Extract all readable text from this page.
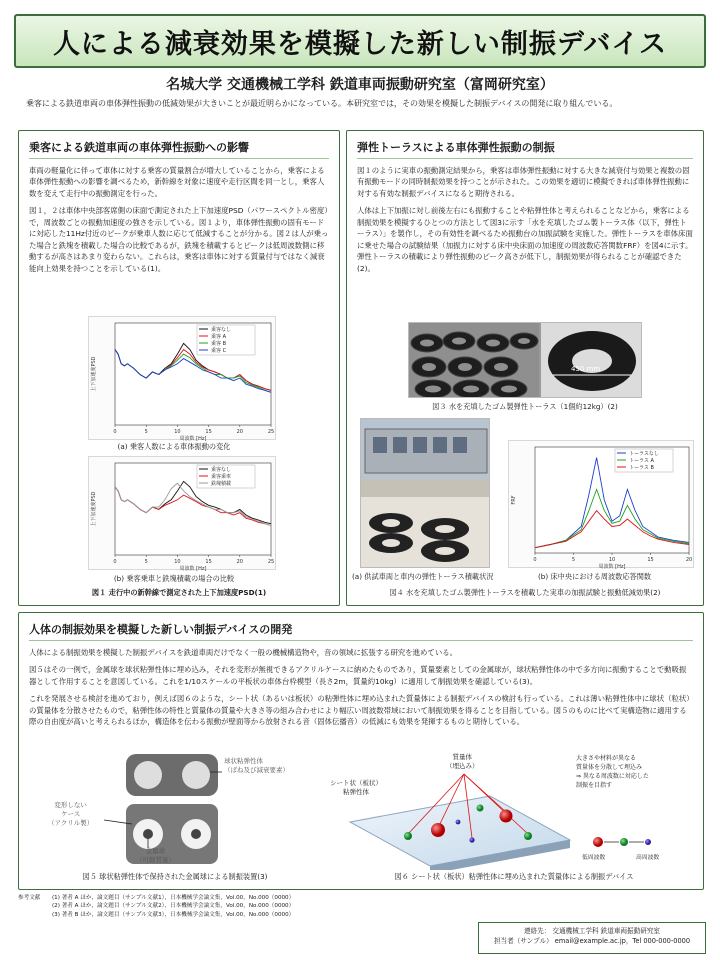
人による減衰効果を模擬した新しい制振デバイス
名城大学 交通機械工学科 鉄道車両振動研究室（富岡研究室）
乗客による鉄道車両の車体弾性振動の低減効果が大きいことが最近明らかになっている。本研究室では，その効果を模擬した制振デバイスの開発に取り組んでいる。
乗客による鉄道車両の車体弾性振動への影響

車両の軽量化に伴って車体に対する乗客の質量割合が増大していることから，乗客による車体弾性振動への影響を調べるため，新幹線を対象に速度や走行区間を同一とし，乗客人数を変えて走行中の振動測定を行った。

図１，２は車体中央部客席側の床面で測定された上下加速度PSD（パワースペクトル密度）で，周波数ごとの振動加速度の強さを示している。図１より，車体弾性振動の固有モードに対応した11Hz付近のピークが乗車人数に応じて低減することが分かる。図２は人が乗った場合と鉄塊を積載した場合の比較であるが，鉄塊を積載するとピークは低周波数側に移動するが高さはあまり変わらない。これらは，乗客は車体に対する質量付与ではなく減衰能向上効果を持つことを示している(1)。

0	5	10	15	20	25
周波数 [Hz]
上下加速度PSD
乗客なし
乗客 A
乗客 B
乗客 C
(a) 乗客人数による車体振動の変化
0	5	10	15	20	25
周波数 [Hz]
上下加速度PSD
乗客なし
乗客乗車
鉄塊積載
(b) 乗客乗車と鉄塊積載の場合の比較
図１ 走行中の新幹線で測定された上下加速度PSD(1)
弾性トーラスによる車体弾性振動の制振

図１のように実車の振動測定結果から，乗客は車体弾性振動に対する大きな減衰付与効果と複数の固有振動モードの同時制振効果を持つことが示された。この効果を適切に模擬できれば車体弾性振動に対する有効な制振デバイスになると期待される。

人体は上下加振に対し前後左右にも振動することや粘弾性体と考えられることなどから，乗客による制振効果を模擬するひとつの方法として図3に示す「水を充填したゴム製トーラス体（以下，弾性トーラス）」を製作し，その有効性を調べるため振動台の加振試験を実施した。弾性トーラスを車体床面に乗せた場合の試験結果（加振力に対する床中央床面の加速度の周波数応答関数FRF）を図4に示す。弾性トーラスの積載により弾性振動のピーク高さが低下し，制振効果が得られることが確認できた(2)。

450 mm
図３ 水を充填したゴム製弾性トーラス（1個約12kg）(2)
0	5	10	15	20
周波数 [Hz]
FRF
トーラスなし
トーラス A
トーラス B
(a) 供試車両と車内の弾性トーラス積載状況	(b) 床中央における周波数応答関数
図４ 水を充填したゴム製弾性トーラスを積載した実車の加振試験と振動低減効果(2)
人体の制振効果を模擬した新しい制振デバイスの開発

人体による制振効果を模擬した制振デバイスを鉄道車両だけでなく一般の機械構造物や，音の領域に拡張する研究を進めている。

図５はその一例で，金属球を球状粘弾性体に埋め込み，それを変形が無視できるアクリルケースに納めたものであり，質量要素としての金属球が，球状粘弾性体の中で多方向に振動することで動吸振器として作用することを意図している。これを1/10スケールの平板状の車体台枠模型（長さ2m，質量約10kg）に適用して制振効果を確認している(3)。

これを発展させる検討を進めており，例えば図６のような，シート状（あるいは板状）の粘弾性体に埋め込まれた質量体による制振デバイスの検討も行っている。これは薄い粘弾性体中に球状（粒状）の質量体を分散させたもので，粘弾性体の特性と質量体の質量や大きさ等の組み合わせにより幅広い周波数帯域において制振効果を得ることを目指している。図５のものに比べて実構造物に適用する際の自由度が高いと考えられるほか，構造体を伝わる振動が壁面等から放射される音（固体伝播音）の低減にも効果を発揮するものと期待している。

球状粘弾性体
（ばね及び減衰要素）
変形しない
ケース
（アクリル製）
金属球
（可動質量）
図５ 球状粘弾性体で保持された金属球による制振装置(3)
質量体
（埋込み）
シート状（板状）
粘弾性体
大きさや材料が異なる
質量体を分散して埋込み
⇒ 異なる周波数に対応した
制振を目指す
低周波数	高周波数
図６ シート状（板状）粘弾性体に埋め込まれた質量体による制振デバイス
参考文献	(1) 著者 A ほか，論文題目（サンプル文献1），日本機械学会論文集，Vol.00，No.000（0000）
(2) 著者 A ほか，論文題目（サンプル文献2），日本機械学会論文集，Vol.00，No.000（0000）
(3) 著者 B ほか，論文題目（サンプル文献3），日本機械学会論文集，Vol.00，No.000（0000）
連絡先： 交通機械工学科 鉄道車両振動研究室
担当者（サンプル） email@example.ac.jp，Tel 000-000-0000
